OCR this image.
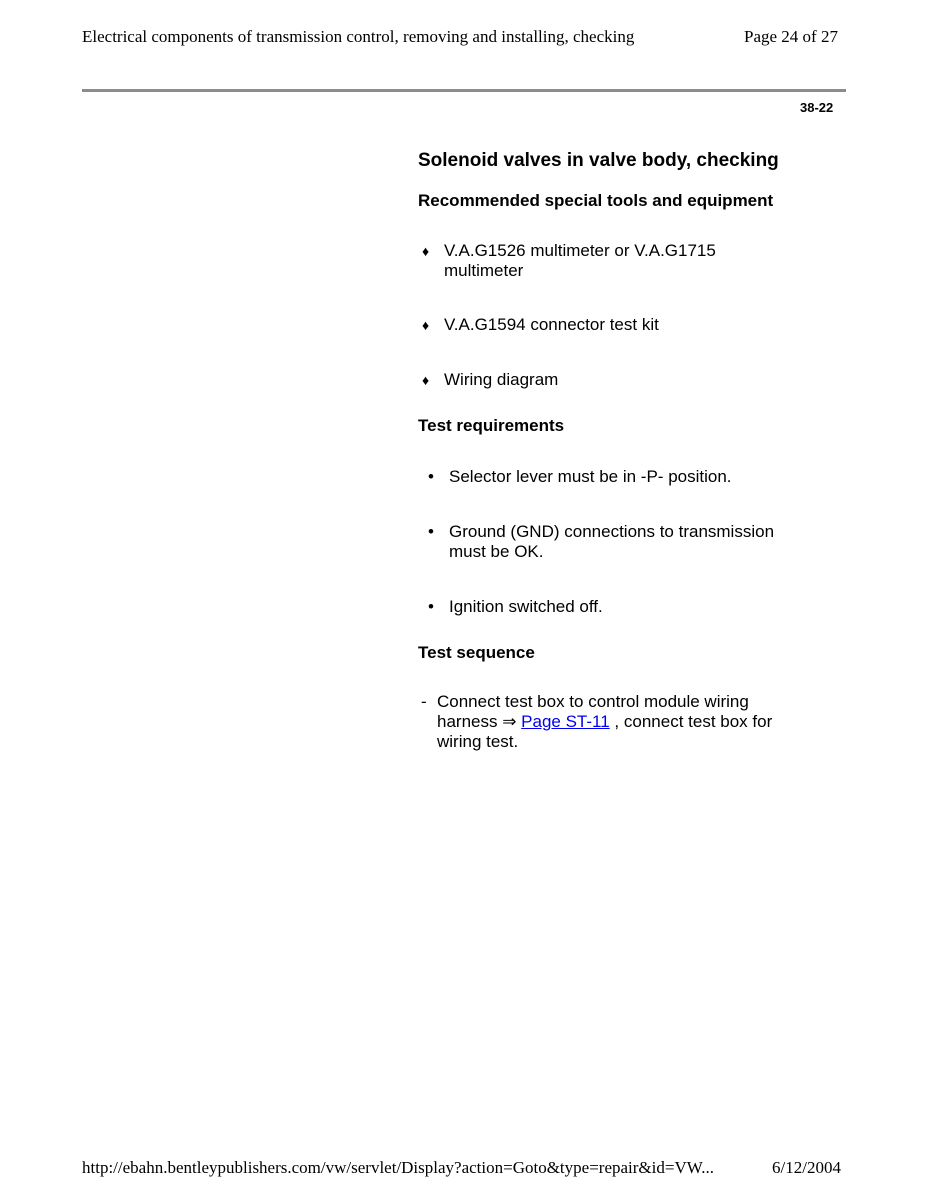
Electrical components of transmission control, removing and installing, checking	Page 24 of 27
38-22
Solenoid valves in valve body, checking
Recommended special tools and equipment
♦ V.A.G1526 multimeter or V.A.G1715
multimeter
♦ V.A.G1594 connector test kit
♦ Wiring diagram
Test requirements
• Selector lever must be in -P- position.
• Ground (GND) connections to transmission
must be OK.
• Ignition switched off.
Test sequence
- Connect test box to control module wiring
harness ⇒ Page ST-11 , connect test box for
wiring test.
http://ebahn.bentleypublishers.com/vw/servlet/Display?action=Goto&type=repair&id=VW...	6/12/2004
